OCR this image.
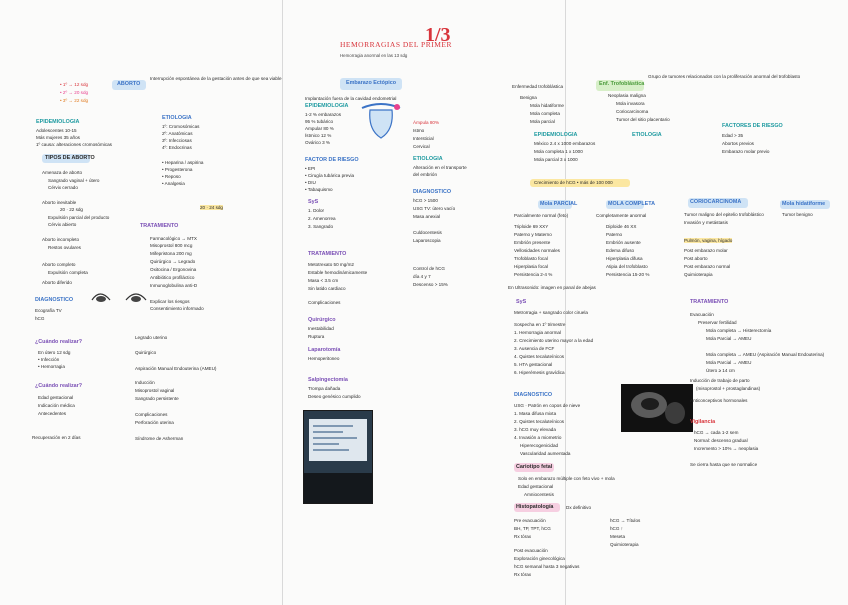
HEMORRAGIAS DEL PRIMER
1/3
Hemorragia anormal en las 13 sdg
ABORTO
Interrupción espontánea de la gestación antes de que sea viable
• 1º → 12 sdg
• 2º → 20 sdg
• 3º → 22 sdg
EPIDEMIOLOGIA
Adolescentes 10-15
Más mujeres 35 años
1º causa: alteraciones cromosómicas
ETIOLOGIA
1º: Cromosómicas
2º: Anatómicas
3º: Infecciosas
4º: Endocrinas
• Heparina / aspirina
• Progesterona
• Reposo
• Analgesia
TIPOS DE ABORTO
Amenaza de aborto
Aborto inevitable
Aborto incompleto
Aborto completo
Aborto diferido
20 · 22 sdg	20 · 24 sdg
Sangrado vaginal + útero
Cérvix cerrado
Expulsión parcial del producto
Cérvix abierto
Restos ovulares
Expulsión completa
TRATAMIENTO
Farmacológico → MTX
Misoprostol 800 mcg
Mifepristona 200 mg
Quirúrgico → Legrado
Oxitocina / Ergonovina
Antibiótico profiláctico
Inmunoglobulina anti-D
Explicar los riesgos
Consentimiento informado
DIAGNOSTICO
Ecografía TV
hCG
¿Cuándo realizar?
En útero 12 sdg
• Infección
• Hemorragia
¿Cuándo realizar?
Edad gestacional
Indicación médica
Antecedentes
Legrado uterino
Quirúrgico
Aspiración Manual Endouterina (AMEU)
Inducción
Misoprostol vaginal
Sangrado persistente
Complicaciones
Perforación uterina
Síndrome de Asherman
Recuperación en 2 días
Embarazo Ectópico
Implantación fuera de la cavidad endometrial
EPIDEMIOLOGIA
1-2 % embarazos
95 % tubárico
Ampular 80 %
Ístmico 12 %
Ovárico 3 %
Ámpula 80%
Istmo
Intersticial
Cervical
FACTOR DE RIESGO
• EPI
• Cirugía tubárica previa
• DIU
• Tabaquismo
ETIOLOGIA
Alteración en el transporte
del embrión
SyS
1. Dolor
2. Amenorrea
3. Sangrado
DIAGNOSTICO
hCG > 1500
USG TV: útero vacío
Masa anexial
Culdocentesis
Laparoscopia
TRATAMIENTO
Metotrexato 50 mg/m2
Estable hemodinámicamente
Masa < 3.5 cm
Sin latido cardiaco
Complicaciones
Quirúrgico
Inestabilidad
Ruptura
Laparotomía
Hemoperitoneo
Salpingectomía
Trompa dañada
Deseo genésico cumplido
Control de hCG
día 4 y 7
Descenso > 15%
Enf. Trofoblástica
Grupo de tumores relacionados con la proliferación anormal del trofoblasto
Enfermedad trofoblástica
Benigna
Mola hidatiforme
Mola completa
Mola parcial
Neoplasia maligna
Mola invasora
Coriocarcinoma
Tumor del sitio placentario
EPIDEMIOLOGIA
México 2.4 x 1000 embarazos
Mola completa 1 x 1000
Mola parcial 3 x 1000
ETIOLOGIA
FACTORES DE RIESGO
Edad > 35
Abortos previos
Embarazo molar previo
Crecimiento de hCG • más de 100 000
Mola PARCIAL
Parcialmente normal (feto)
Triploide 69 XXY
Paterno y Materno
Embrión presente
Vellosidades normales
Trofoblasto focal
Hiperplasia focal
Persistencia 2-4 %
MOLA COMPLETA
Completamente anormal
Diploide 46 XX
Paterno
Embrión ausente
Edema difuso
Hiperplasia difusa
Atipia del trofoblasto
Persistencia 15-20 %
CORIOCARCINOMA
Tumor maligno del epitelio trofoblástico
Invasión y metástasis
Pulmón, vagina, hígado
Post embarazo molar
Post aborto
Post embarazo normal
Quimioterapia
Mola hidatiforme
Tumor benigno
En Ultrasonido: imagen en panal de abejas
SyS
Metrorragia + sangrado color ciruela
Sospecha en 1º trimestre
1. Hemorragia anormal
2. Crecimiento uterino mayor a la edad
3. Ausencia de FCF
4. Quistes tecaluteínicos
5. HTA gestacional
6. Hiperémesis gravídica
DIAGNOSTICO
USG · Patrón en copos de nieve
1. Masa difusa mixta
2. Quistes tecaluteínicos
3. hCG muy elevada
4. Invasión a miometrio
Hiperecogenicidad
Vascularidad aumentada
Cariotipo fetal
Solo en embarazo múltiple con feto vivo + mola
Edad gestacional
Amniocentesis
Histopatología	Dx definitivo
Pre evacuación
BH, TP, TPT, hCG
Rx tórax
Post evacuación
Exploración ginecológica
hCG semanal hasta 3 negativas
Rx tórax
hCG → Títulos
hCG ↑
Meseta
Quimioterapia
TRATAMIENTO
Evacuación
Preservar fertilidad
Mola completa → Histerectomía
Mola Parcial → AMEU
Mola completa → AMEU (Aspiración Manual Endouterina)
Mola Parcial → AMEU
Útero ≥ 14 cm
Inducción de trabajo de parto
(misoprostol + prostaglandinas)
Anticonceptivos hormonales
Vigilancia
hCG → cada 1-2 sem
Normal: descenso gradual
Incremento > 10% → neoplasia
Se cierra hasta que se normalice
